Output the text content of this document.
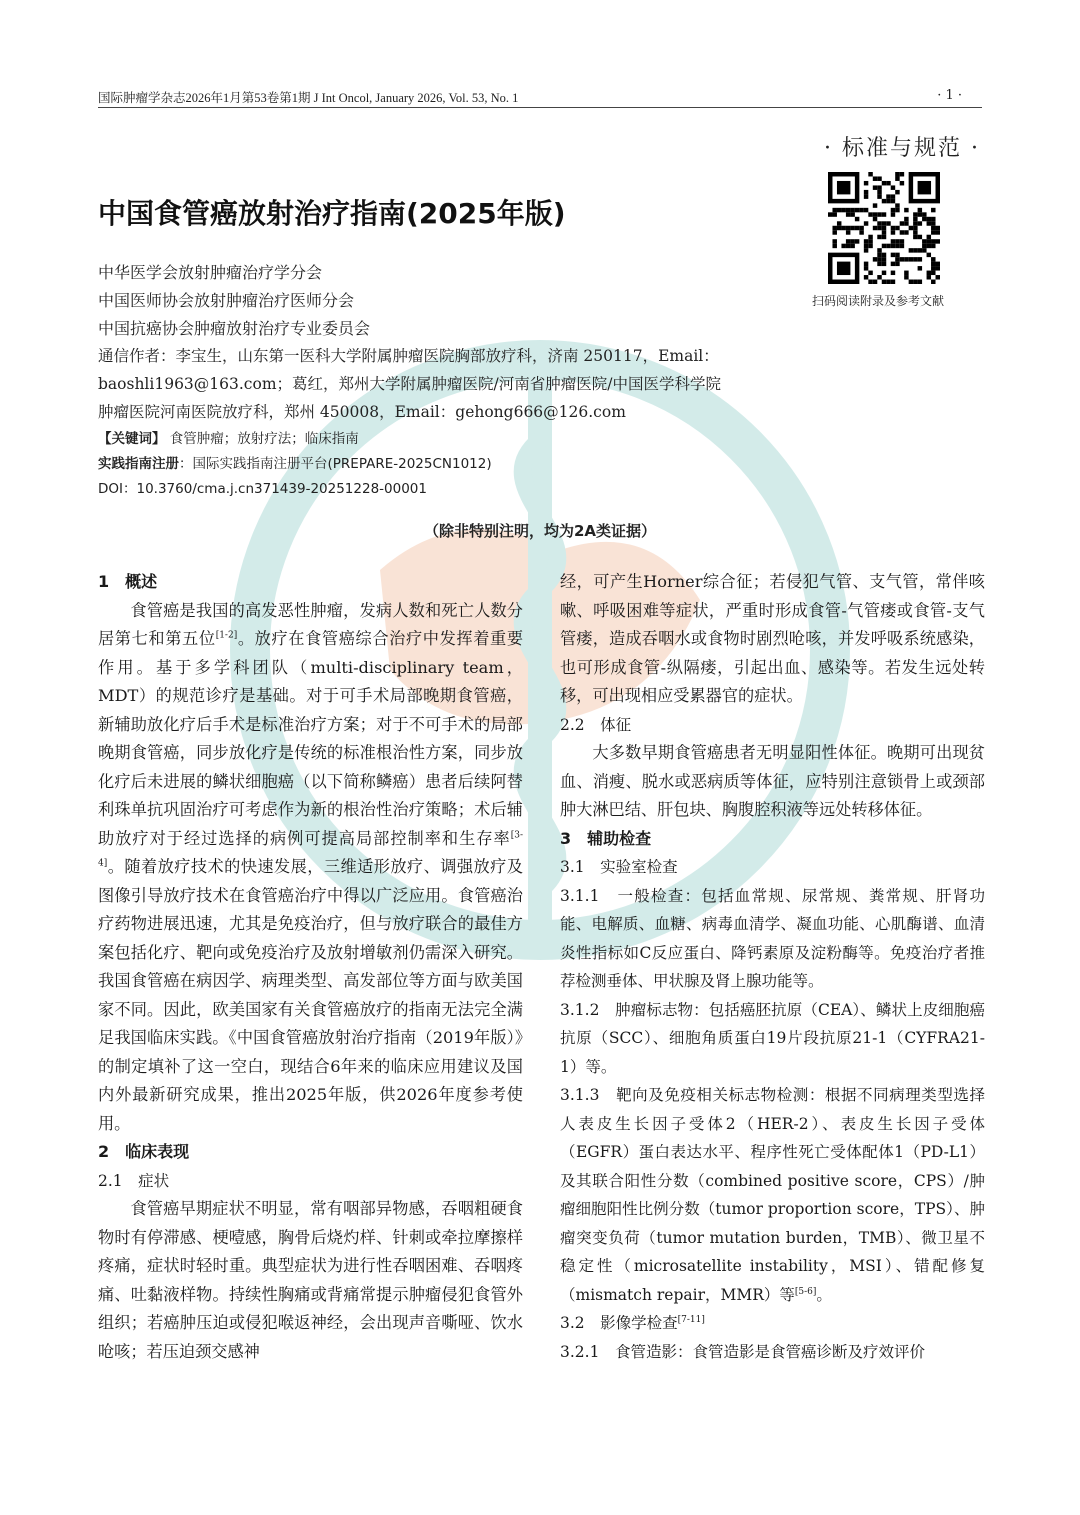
国际肿瘤学杂志2026年1月第53卷第1期 J Int Oncol, January 2026, Vol. 53, No. 1	· 1 ·
· 标准与规范 ·
中国食管癌放射治疗指南(2025年版)
扫码阅读附录及参考文献
中华医学会放射肿瘤治疗学分会
中国医师协会放射肿瘤治疗医师分会
中国抗癌协会肿瘤放射治疗专业委员会
通信作者：李宝生，山东第一医科大学附属肿瘤医院胸部放疗科，济南 250117，Email：
baoshli1963@163.com；葛红，郑州大学附属肿瘤医院/河南省肿瘤医院/中国医学科学院
肿瘤医院河南医院放疗科，郑州 450008，Email：gehong666@126.com
【关键词】 食管肿瘤；放射疗法；临床指南
实践指南注册：国际实践指南注册平台(PREPARE-2025CN1012)
DOI：10.3760/cma.j.cn371439-20251228-00001
（除非特别注明，均为2A类证据）

1　概述

食管癌是我国的高发恶性肿瘤，发病人数和死亡人数分居第七和第五位[1-2]。放疗在食管癌综合治疗中发挥着重要作用。基于多学科团队（multi-disciplinary team，MDT）的规范诊疗是基础。对于可手术局部晚期食管癌，新辅助放化疗后手术是标准治疗方案；对于不可手术的局部晚期食管癌，同步放化疗是传统的标准根治性方案，同步放化疗后未进展的鳞状细胞癌（以下简称鳞癌）患者后续阿替利珠单抗巩固治疗可考虑作为新的根治性治疗策略；术后辅助放疗对于经过选择的病例可提高局部控制率和生存率[3-4]。随着放疗技术的快速发展，三维适形放疗、调强放疗及图像引导放疗技术在食管癌治疗中得以广泛应用。食管癌治疗药物进展迅速，尤其是免疫治疗，但与放疗联合的最佳方案包括化疗、靶向或免疫治疗及放射增敏剂仍需深入研究。我国食管癌在病因学、病理类型、高发部位等方面与欧美国家不同。因此，欧美国家有关食管癌放疗的指南无法完全满足我国临床实践。《中国食管癌放射治疗指南（2019年版）》的制定填补了这一空白，现结合6年来的临床应用建议及国内外最新研究成果，推出2025年版，供2026年度参考使用。

2　临床表现

2.1　症状

食管癌早期症状不明显，常有咽部异物感，吞咽粗硬食物时有停滞感、梗噎感，胸骨后烧灼样、针刺或牵拉摩擦样疼痛，症状时轻时重。典型症状为进行性吞咽困难、吞咽疼痛、吐黏液样物。持续性胸痛或背痛常提示肿瘤侵犯食管外组织；若癌肿压迫或侵犯喉返神经，会出现声音嘶哑、饮水呛咳；若压迫颈交感神

经，可产生Horner综合征；若侵犯气管、支气管，常伴咳嗽、呼吸困难等症状，严重时形成食管-气管瘘或食管-支气管瘘，造成吞咽水或食物时剧烈呛咳，并发呼吸系统感染，也可形成食管-纵隔瘘，引起出血、感染等。若发生远处转移，可出现相应受累器官的症状。

2.2　体征

大多数早期食管癌患者无明显阳性体征。晚期可出现贫血、消瘦、脱水或恶病质等体征，应特别注意锁骨上或颈部肿大淋巴结、肝包块、胸腹腔积液等远处转移体征。

3　辅助检查

3.1　实验室检查

3.1.1　一般检查：包括血常规、尿常规、粪常规、肝肾功能、电解质、血糖、病毒血清学、凝血功能、心肌酶谱、血清炎性指标如C反应蛋白、降钙素原及淀粉酶等。免疫治疗者推荐检测垂体、甲状腺及肾上腺功能等。

3.1.2　肿瘤标志物：包括癌胚抗原（CEA）、鳞状上皮细胞癌抗原（SCC）、细胞角质蛋白19片段抗原21-1（CYFRA21-1）等。

3.1.3　靶向及免疫相关标志物检测：根据不同病理类型选择人表皮生长因子受体2（HER-2）、表皮生长因子受体（EGFR）蛋白表达水平、程序性死亡受体配体1（PD-L1）及其联合阳性分数（combined positive score，CPS）/肿瘤细胞阳性比例分数（tumor proportion score，TPS）、肿瘤突变负荷（tumor mutation burden，TMB）、微卫星不稳定性（microsatellite instability，MSI）、错配修复（mismatch repair，MMR）等[5-6]。

3.2　影像学检查[7-11]

3.2.1　食管造影：食管造影是食管癌诊断及疗效评价
